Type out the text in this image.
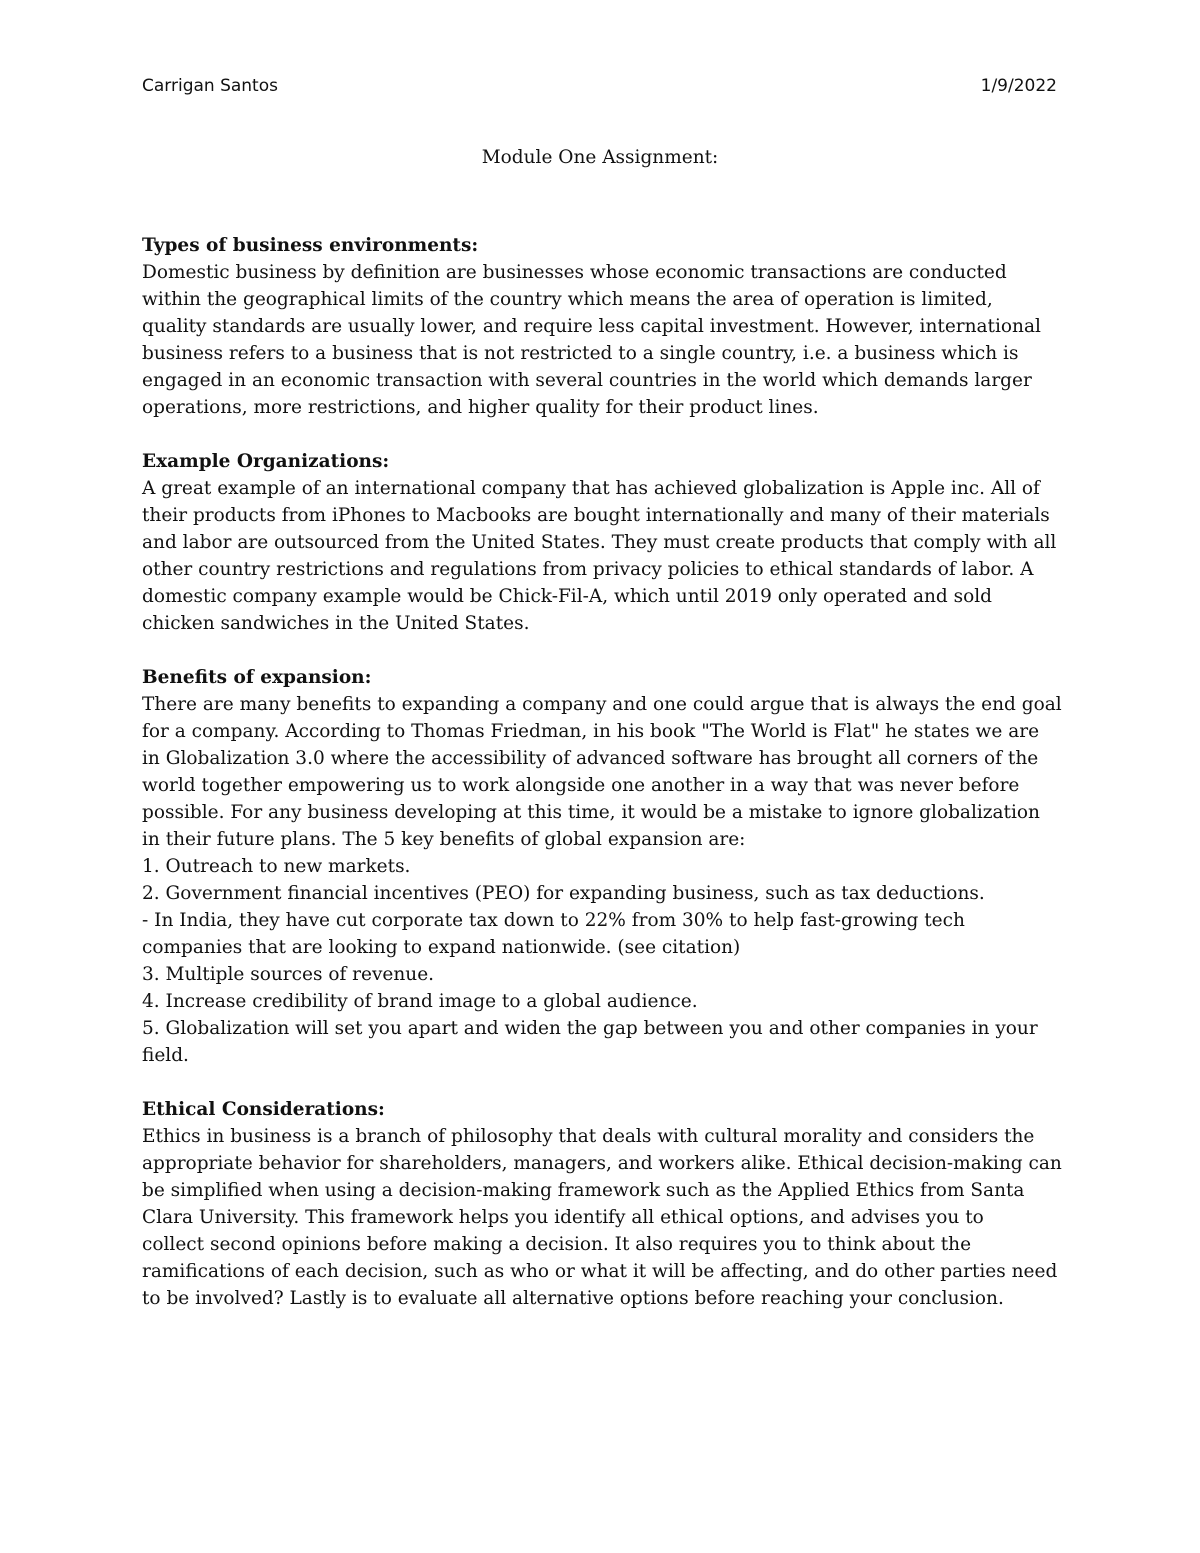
Carrigan Santos	1/9/2022
Module One Assignment:
Types of business environments:
Domestic business by definition are businesses whose economic transactions are conducted
within the geographical limits of the country which means the area of operation is limited,
quality standards are usually lower, and require less capital investment. However, international
business refers to a business that is not restricted to a single country, i.e. a business which is
engaged in an economic transaction with several countries in the world which demands larger
operations, more restrictions, and higher quality for their product lines.
Example Organizations:
A great example of an international company that has achieved globalization is Apple inc. All of
their products from iPhones to Macbooks are bought internationally and many of their materials
and labor are outsourced from the United States. They must create products that comply with all
other country restrictions and regulations from privacy policies to ethical standards of labor. A
domestic company example would be Chick-Fil-A, which until 2019 only operated and sold
chicken sandwiches in the United States.
Benefits of expansion:
There are many benefits to expanding a company and one could argue that is always the end goal
for a company. According to Thomas Friedman, in his book "The World is Flat" he states we are
in Globalization 3.0 where the accessibility of advanced software has brought all corners of the
world together empowering us to work alongside one another in a way that was never before
possible. For any business developing at this time, it would be a mistake to ignore globalization
in their future plans. The 5 key benefits of global expansion are:
1. Outreach to new markets.
2. Government financial incentives (PEO) for expanding business, such as tax deductions.
- In India, they have cut corporate tax down to 22% from 30% to help fast-growing tech
companies that are looking to expand nationwide. (see citation)
3. Multiple sources of revenue.
4. Increase credibility of brand image to a global audience.
5. Globalization will set you apart and widen the gap between you and other companies in your
field.
Ethical Considerations:
Ethics in business is a branch of philosophy that deals with cultural morality and considers the
appropriate behavior for shareholders, managers, and workers alike. Ethical decision-making can
be simplified when using a decision-making framework such as the Applied Ethics from Santa
Clara University. This framework helps you identify all ethical options, and advises you to
collect second opinions before making a decision. It also requires you to think about the
ramifications of each decision, such as who or what it will be affecting, and do other parties need
to be involved? Lastly is to evaluate all alternative options before reaching your conclusion.
